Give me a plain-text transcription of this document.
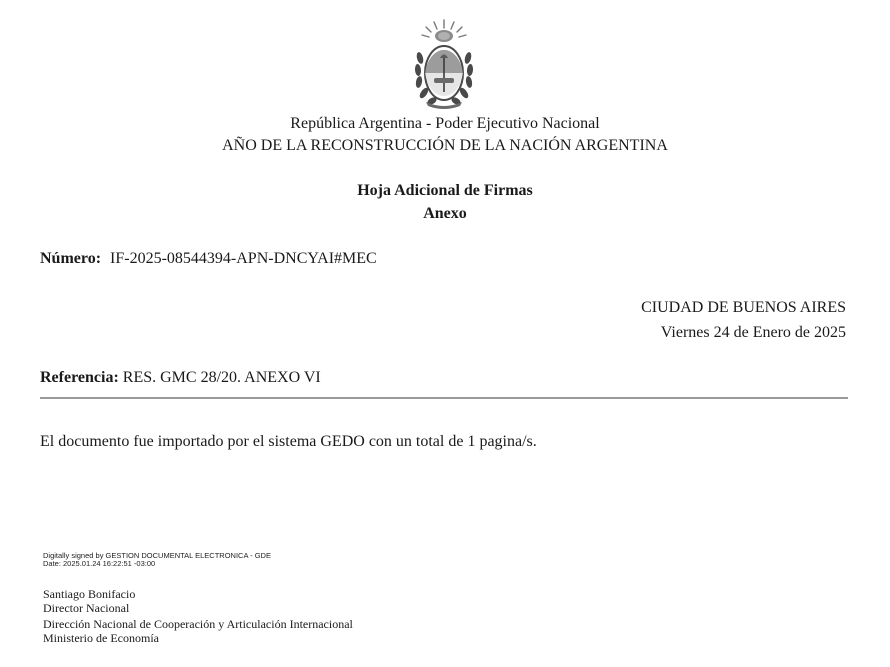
República Argentina - Poder Ejecutivo Nacional
AÑO DE LA RECONSTRUCCIÓN DE LA NACIÓN ARGENTINA
Hoja Adicional de Firmas
Anexo
Número: IF-2025-08544394-APN-DNCYAI#MEC
CIUDAD DE BUENOS AIRES
Viernes 24 de Enero de 2025
Referencia: RES. GMC 28/20. ANEXO VI
El documento fue importado por el sistema GEDO con un total de 1 pagina/s.
Digitally signed by GESTION DOCUMENTAL ELECTRONICA - GDE
Date: 2025.01.24 16:22:51 -03:00
Santiago Bonifacio
Director Nacional
Dirección Nacional de Cooperación y Articulación Internacional
Ministerio de Economía
